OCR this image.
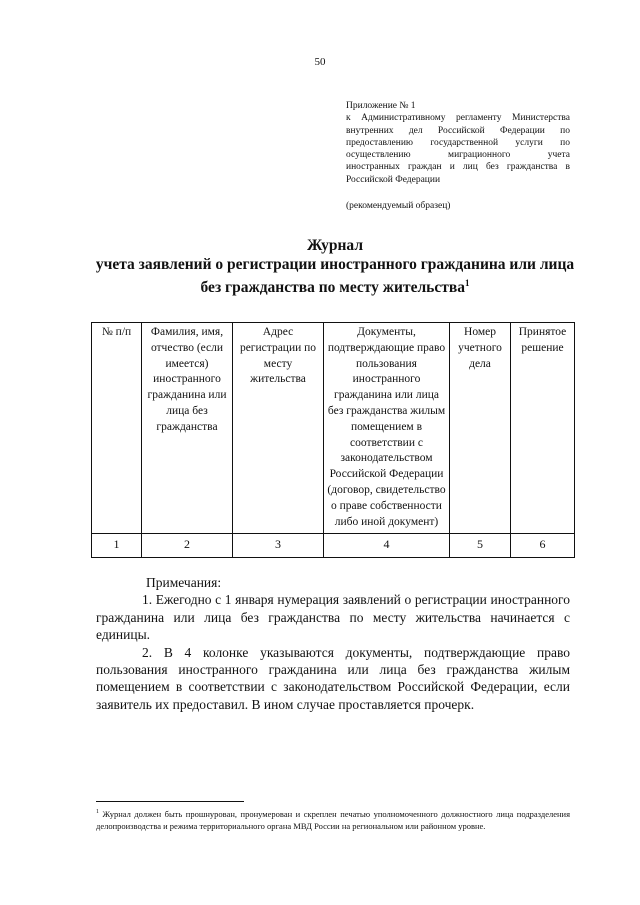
50
Приложение № 1
к Административному регламенту Министерства
внутренних дел Российской Федерации по
предоставлению государственной услуги по
осуществлению миграционного учета
иностранных граждан и лиц без гражданства в
Российской Федерации
(рекомендуемый образец)
Журнал
учета заявлений о регистрации иностранного гражданина или лица
без гражданства по месту жительства$^1$
№ п/п	Фамилия, имя, отчество (если имеется) иностранного гражданина или лица без гражданства	Адрес регистрации по месту жительства	Документы, подтверждающие право пользования иностранного гражданина или лица без гражданства жилым помещением в соответствии с законодательством Российской Федерации (договор, свидетельство о праве собственности либо иной документ)	Номер учетного дела	Принятое решение
1	2	3	4	5	6
Примечания:
1. Ежегодно с 1 января нумерация заявлений о регистрации иностранного гражданина или лица без гражданства по месту жительства начинается с единицы.
2. В 4 колонке указываются документы, подтверждающие право пользования иностранного гражданина или лица без гражданства жилым помещением в соответствии с законодательством Российской Федерации, если заявитель их предоставил. В ином случае проставляется прочерк.
$^1$ Журнал должен быть прошнурован, пронумерован и скреплен печатью уполномоченного должностного лица подразделения делопроизводства и режима территориального органа МВД России на региональном или районном уровне.
